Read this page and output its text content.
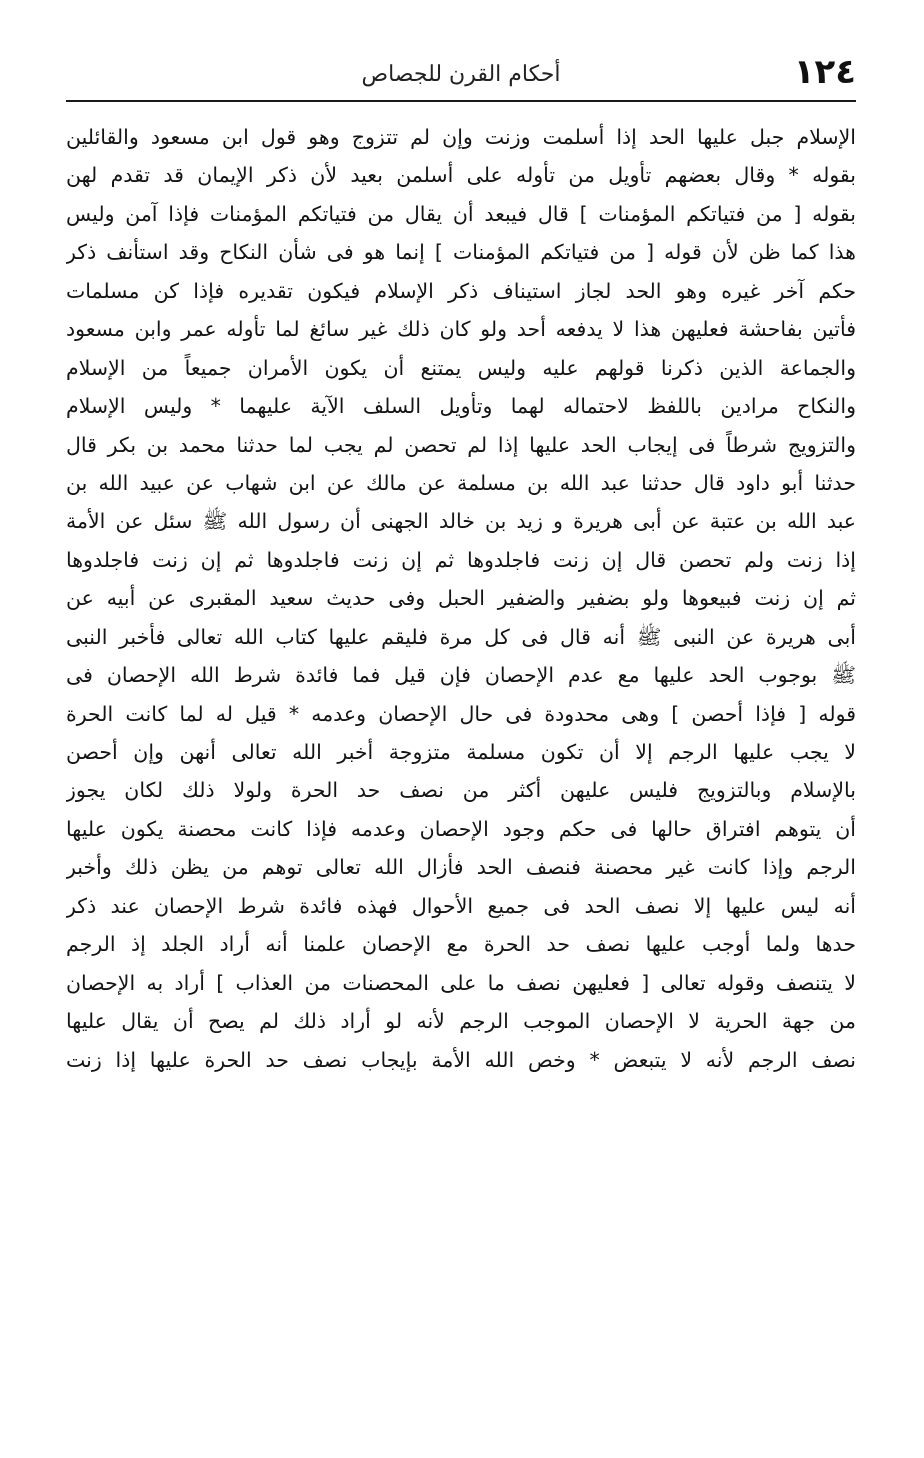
١٢٤
أحكام القرن للجصاص
الإسلام جبل عليها الحد إذا أسلمت وزنت وإن لم تتزوج وهو قول ابن مسعود والقائلين
بقوله * وقال بعضهم تأويل من تأوله على أسلمن بعيد لأن ذكر الإيمان قد تقدم لهن
بقوله [ من فتياتكم المؤمنات ] قال فيبعد أن يقال من فتياتكم المؤمنات فإذا آمن وليس
هذا كما ظن لأن قوله [ من فتياتكم المؤمنات ] إنما هو فى شأن النكاح وقد استأنف ذكر
حكم آخر غيره وهو الحد لجاز استيناف ذكر الإسلام فيكون تقديره فإذا كن مسلمات
فأتين بفاحشة فعليهن هذا لا يدفعه أحد ولو كان ذلك غير سائغ لما تأوله عمر وابن مسعود
والجماعة الذين ذكرنا قولهم عليه وليس يمتنع أن يكون الأمران جميعاً من الإسلام
والنكاح مرادين باللفظ لاحتماله لهما وتأويل السلف الآية عليهما * وليس الإسلام
والتزويج شرطاً فى إيجاب الحد عليها إذا لم تحصن لم يجب لما حدثنا محمد بن بكر قال
حدثنا أبو داود قال حدثنا عبد الله بن مسلمة عن مالك عن ابن شهاب عن عبيد الله بن
عبد الله بن عتبة عن أبى هريرة و زيد بن خالد الجهنى أن رسول الله ﷺ سئل عن الأمة
إذا زنت ولم تحصن قال إن زنت فاجلدوها ثم إن زنت فاجلدوها ثم إن زنت فاجلدوها
ثم إن زنت فبيعوها ولو بضفير والضفير الحبل وفى حديث سعيد المقبرى عن أبيه عن
أبى هريرة عن النبى ﷺ أنه قال فى كل مرة فليقم عليها كتاب الله تعالى فأخبر النبى
ﷺ بوجوب الحد عليها مع عدم الإحصان فإن قيل فما فائدة شرط الله الإحصان فى
قوله [ فإذا أحصن ] وهى محدودة فى حال الإحصان وعدمه * قيل له لما كانت الحرة
لا يجب عليها الرجم إلا أن تكون مسلمة متزوجة أخبر الله تعالى أنهن وإن أحصن
بالإسلام وبالتزويج فليس عليهن أكثر من نصف حد الحرة ولولا ذلك لكان يجوز
أن يتوهم افتراق حالها فى حكم وجود الإحصان وعدمه فإذا كانت محصنة يكون عليها
الرجم وإذا كانت غير محصنة فنصف الحد فأزال الله تعالى توهم من يظن ذلك وأخبر
أنه ليس عليها إلا نصف الحد فى جميع الأحوال فهذه فائدة شرط الإحصان عند ذكر
حدها ولما أوجب عليها نصف حد الحرة مع الإحصان علمنا أنه أراد الجلد إذ الرجم
لا يتنصف وقوله تعالى [ فعليهن نصف ما على المحصنات من العذاب ] أراد به الإحصان
من جهة الحرية لا الإحصان الموجب الرجم لأنه لو أراد ذلك لم يصح أن يقال عليها
نصف الرجم لأنه لا يتبعض * وخص الله الأمة بإيجاب نصف حد الحرة عليها إذا زنت
